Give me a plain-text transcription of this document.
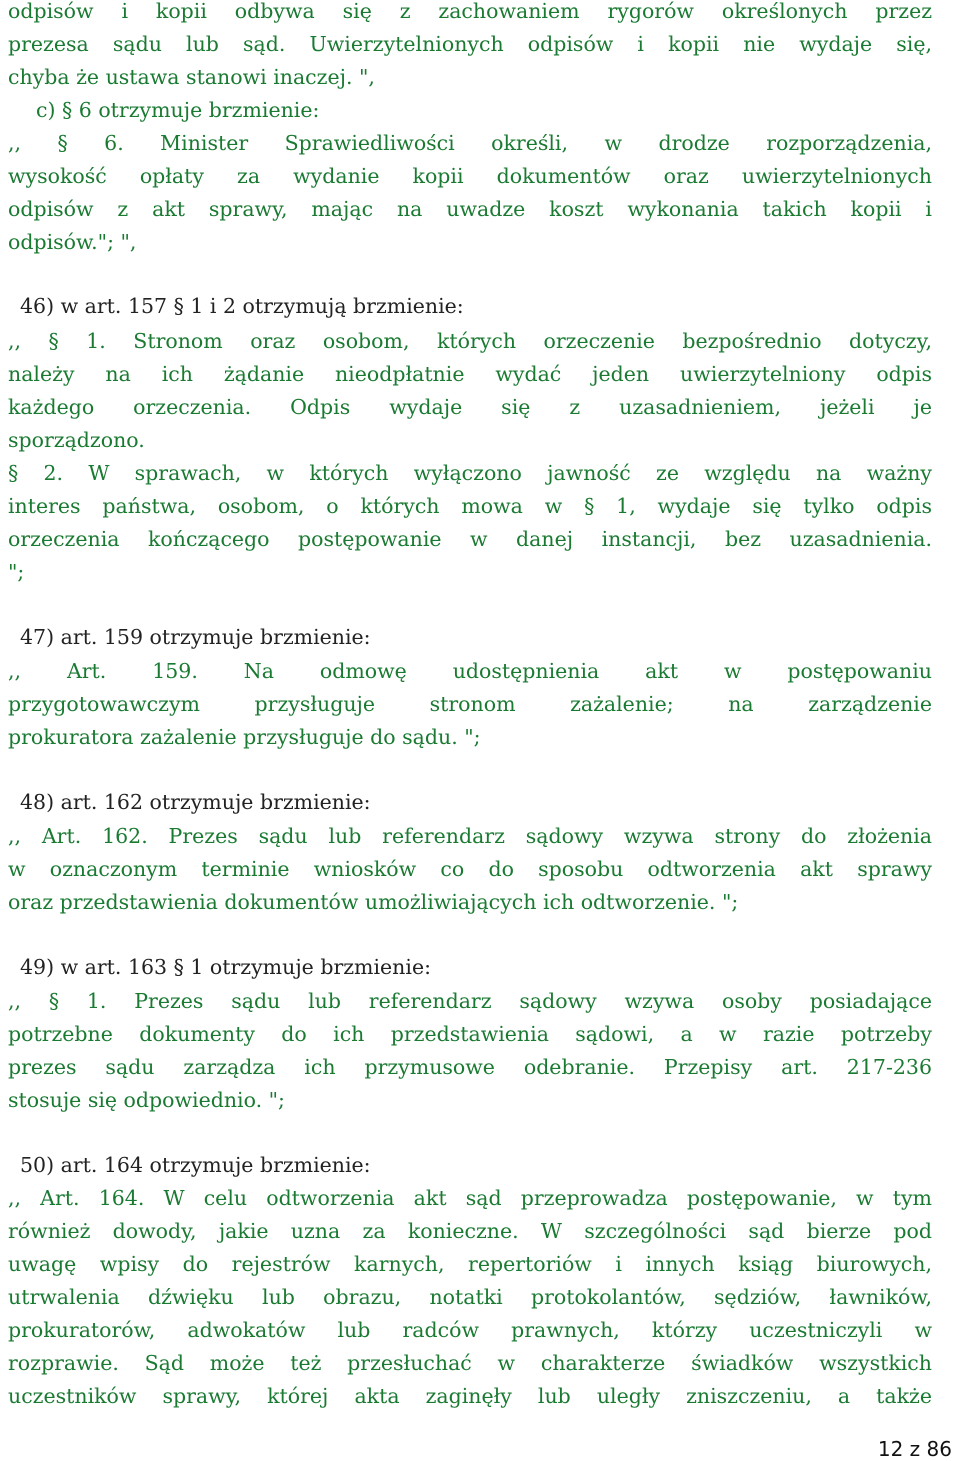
odpisów i kopii odbywa się z zachowaniem rygorów określonych przez

prezesa sądu lub sąd. Uwierzytelnionych odpisów i kopii nie wydaje się,

chyba że ustawa stanowi inaczej. ",

c) § 6 otrzymuje brzmienie:

,, § 6. Minister Sprawiedliwości określi, w drodze rozporządzenia,

wysokość opłaty za wydanie kopii dokumentów oraz uwierzytelnionych

odpisów z akt sprawy, mając na uwadze koszt wykonania takich kopii i

odpisów."; ",

46) w art. 157 § 1 i 2 otrzymują brzmienie:

,, § 1. Stronom oraz osobom, których orzeczenie bezpośrednio dotyczy,

należy na ich żądanie nieodpłatnie wydać jeden uwierzytelniony odpis

każdego orzeczenia. Odpis wydaje się z uzasadnieniem, jeżeli je

sporządzono.

§ 2. W sprawach, w których wyłączono jawność ze względu na ważny

interes państwa, osobom, o których mowa w § 1, wydaje się tylko odpis

orzeczenia kończącego postępowanie w danej instancji, bez uzasadnienia.

";

47) art. 159 otrzymuje brzmienie:

,, Art. 159. Na odmowę udostępnienia akt w postępowaniu

przygotowawczym przysługuje stronom zażalenie; na zarządzenie

prokuratora zażalenie przysługuje do sądu. ";

48) art. 162 otrzymuje brzmienie:

,, Art. 162. Prezes sądu lub referendarz sądowy wzywa strony do złożenia

w oznaczonym terminie wniosków co do sposobu odtworzenia akt sprawy

oraz przedstawienia dokumentów umożliwiających ich odtworzenie. ";

49) w art. 163 § 1 otrzymuje brzmienie:

,, § 1. Prezes sądu lub referendarz sądowy wzywa osoby posiadające

potrzebne dokumenty do ich przedstawienia sądowi, a w razie potrzeby

prezes sądu zarządza ich przymusowe odebranie. Przepisy art. 217-236

stosuje się odpowiednio. ";

50) art. 164 otrzymuje brzmienie:

,, Art. 164. W celu odtworzenia akt sąd przeprowadza postępowanie, w tym

również dowody, jakie uzna za konieczne. W szczególności sąd bierze pod

uwagę wpisy do rejestrów karnych, repertoriów i innych ksiąg biurowych,

utrwalenia dźwięku lub obrazu, notatki protokolantów, sędziów, ławników,

prokuratorów, adwokatów lub radców prawnych, którzy uczestniczyli w

rozprawie. Sąd może też przesłuchać w charakterze świadków wszystkich

uczestników sprawy, której akta zaginęły lub uległy zniszczeniu, a także

12 z 86
